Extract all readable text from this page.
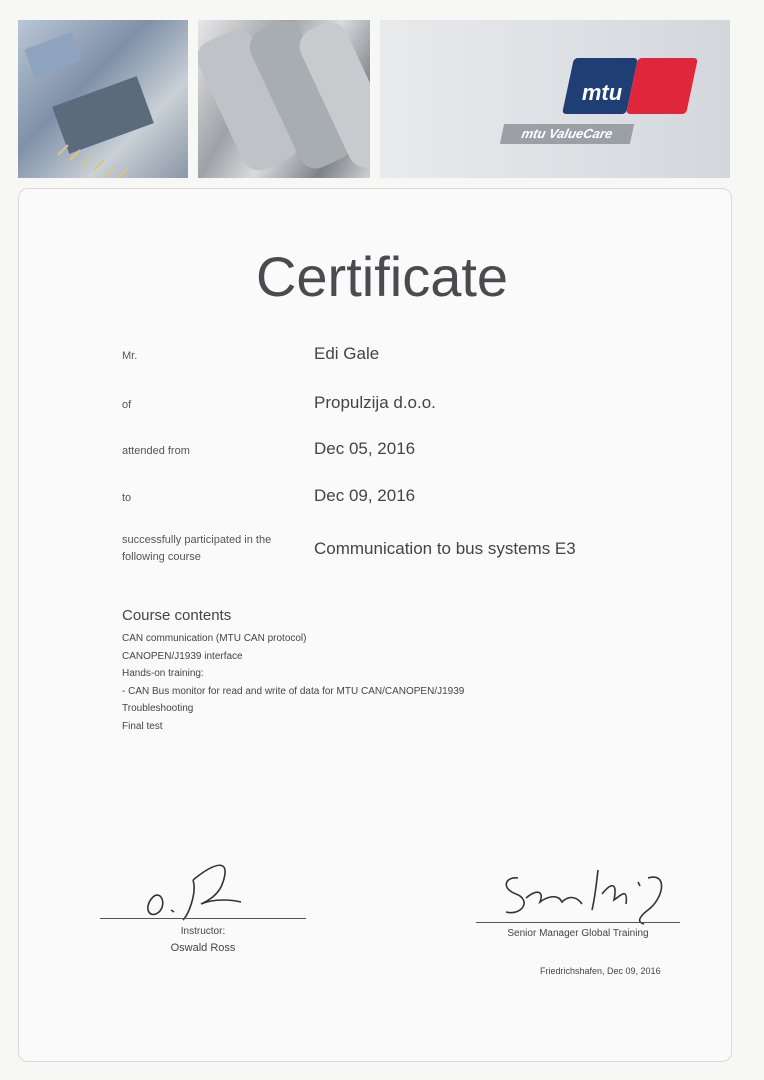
mtu
mtu ValueCare
Certificate
Mr.	Edi Gale
of	Propulzija d.o.o.
attended from	Dec 05, 2016
to	Dec 09, 2016
successfully participated in the
following course	Communication to bus systems E3
Course contents
CAN communication (MTU CAN protocol)
CANOPEN/J1939 interface
Hands-on training:
- CAN Bus monitor for read and write of data for MTU CAN/CANOPEN/J1939
Troubleshooting
Final test
Instructor:
Oswald Ross
Senior Manager Global Training
Friedrichshafen, Dec 09, 2016
